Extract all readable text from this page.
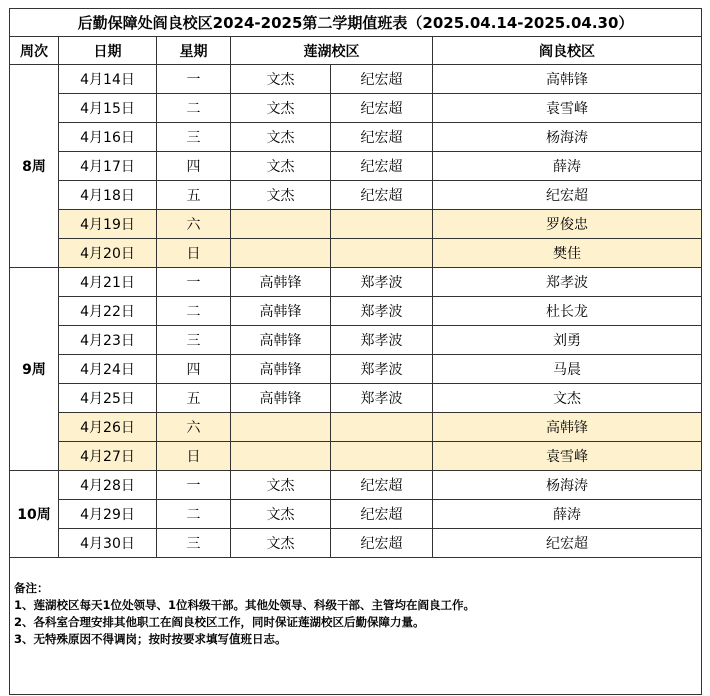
后勤保障处阎良校区2024-2025第二学期值班表（2025.04.14-2025.04.30）					
周次	日期	星期	莲湖校区		阎良校区
8周	4月14日	一	文杰	纪宏超	高韩锋
	4月15日	二	文杰	纪宏超	袁雪峰
	4月16日	三	文杰	纪宏超	杨海涛
	4月17日	四	文杰	纪宏超	薛涛
	4月18日	五	文杰	纪宏超	纪宏超
	4月19日	六			罗俊忠
	4月20日	日			樊佳
9周	4月21日	一	高韩锋	郑孝波	郑孝波
	4月22日	二	高韩锋	郑孝波	杜长龙
	4月23日	三	高韩锋	郑孝波	刘勇
	4月24日	四	高韩锋	郑孝波	马晨
	4月25日	五	高韩锋	郑孝波	文杰
	4月26日	六			高韩锋
	4月27日	日			袁雪峰
10周	4月28日	一	文杰	纪宏超	杨海涛
	4月29日	二	文杰	纪宏超	薛涛
	4月30日	三	文杰	纪宏超	纪宏超

备注：
1、莲湖校区每天1位处领导、1位科级干部。其他处领导、科级干部、主管均在阎良工作。
2、各科室合理安排其他职工在阎良校区工作，同时保证莲湖校区后勤保障力量。
3、无特殊原因不得调岗；按时按要求填写值班日志。					
